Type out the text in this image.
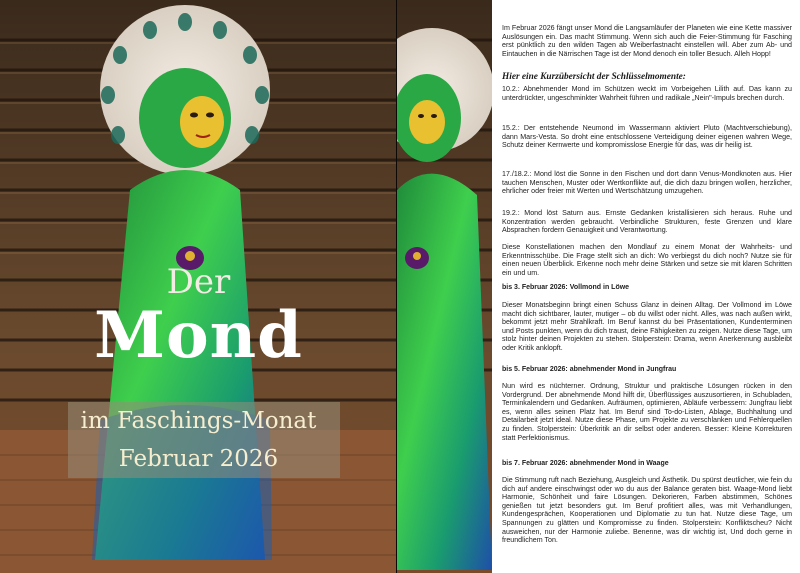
Der
Mond
im Faschings-Monat
Februar 2026
Im Februar 2026 fängt unser Mond die Langsamläufer der Planeten wie eine Kette massiver Auslösungen ein. Das macht Stimmung. Wenn sich auch die Feier-Stimmung für Fasching erst pünktlich zu den wilden Tagen ab Weiberfastnacht einstellen will. Aber zum Ab- und Eintauchen in die Närrischen Tage ist der Mond denoch ein toller Besuch. Alleh Hopp!
Hier eine Kurzübersicht der Schlüsselmomente:
10.2.: Abnehmender Mond im Schützen weckt im Vorbeigehen Lilith auf. Das kann zu unterdrückter, ungeschminkter Wahrheit führen und radikale „Nein"-Impuls brechen durch.
15.2.: Der entstehende Neumond im Wassermann aktiviert Pluto (Machtverschiebung), dann Mars-Vesta. So droht eine entschlossene Verteidigung deiner eigenen wahren Wege, Schutz deiner Kernwerte und kompromisslose Energie für das, was dir heilig ist.
17./18.2.: Mond löst die Sonne in den Fischen und dort dann Venus-Mondknoten aus. Hier tauchen Menschen, Muster oder Wertkonflikte auf, die dich dazu bringen wollen, herzlicher, ehrlicher oder freier mit Werten und Wertschätzung umzugehen.
19.2.: Mond löst Saturn aus. Ernste Gedanken kristallisieren sich heraus. Ruhe und Konzentration werden gebraucht. Verbindliche Strukturen, feste Grenzen und klare Absprachen fordern Genauigkeit und Verantwortung.
Diese Konstellationen machen den Mondlauf zu einem Monat der Wahrheits- und Erkenntnisschübe. Die Frage stellt sich an dich: Wo verbiegst du dich noch? Nutze sie für einen neuen Überblick. Erkenne noch mehr deine Stärken und setze sie mit klaren Schritten ein und um.
bis 3. Februar 2026: Vollmond in Löwe
Dieser Monatsbeginn bringt einen Schuss Glanz in deinen Alltag. Der Vollmond im Löwe macht dich sichtbarer, lauter, mutiger – ob du willst oder nicht. Alles, was nach außen wirkt, bekommt jetzt mehr Strahlkraft. Im Beruf kannst du bei Präsentationen, Kundenterminen und Posts punkten, wenn du dich traust, deine Fähigkeiten zu zeigen. Nutze diese Tage, um stolz hinter deinen Projekten zu stehen. Stolperstein: Drama, wenn Anerkennung ausbleibt oder Kritik anklopft.
bis 5. Februar 2026: abnehmender Mond in Jungfrau
Nun wird es nüchterner. Ordnung, Struktur und praktische Lösungen rücken in den Vordergrund. Der abnehmende Mond hilft dir, Überflüssiges auszusortieren, in Schubladen, Terminkalendern und Gedanken. Aufräumen, optimieren, Abläufe verbessern: Jungfrau liebt es, wenn alles seinen Platz hat. Im Beruf sind To-do-Listen, Ablage, Buchhaltung und Detailarbeit jetzt ideal. Nutze diese Phase, um Projekte zu verschlanken und Fehlerquellen zu finden. Stolperstein: Überkritik an dir selbst oder anderen. Besser: Kleine Korrekturen statt Perfektionismus.
bis 7. Februar 2026: abnehmender Mond in Waage
Die Stimmung ruft nach Beziehung, Ausgleich und Ästhetik. Du spürst deutlicher, wie fein du dich auf andere einschwingst oder wo du aus der Balance geraten bist. Waage-Mond liebt Harmonie, Schönheit und faire Lösungen. Dekorieren, Farben abstimmen, Schönes genießen tut jetzt besonders gut. Im Beruf profitiert alles, was mit Verhandlungen, Kundengesprächen, Kooperationen und Diplomatie zu tun hat. Nutze diese Tage, um Spannungen zu glätten und Kompromisse zu finden. Stolperstein: Konfliktscheu? Nicht ausweichen, nur der Harmonie zuliebe. Benenne, was dir wichtig ist, Und doch gerne in freundlichem Ton.
